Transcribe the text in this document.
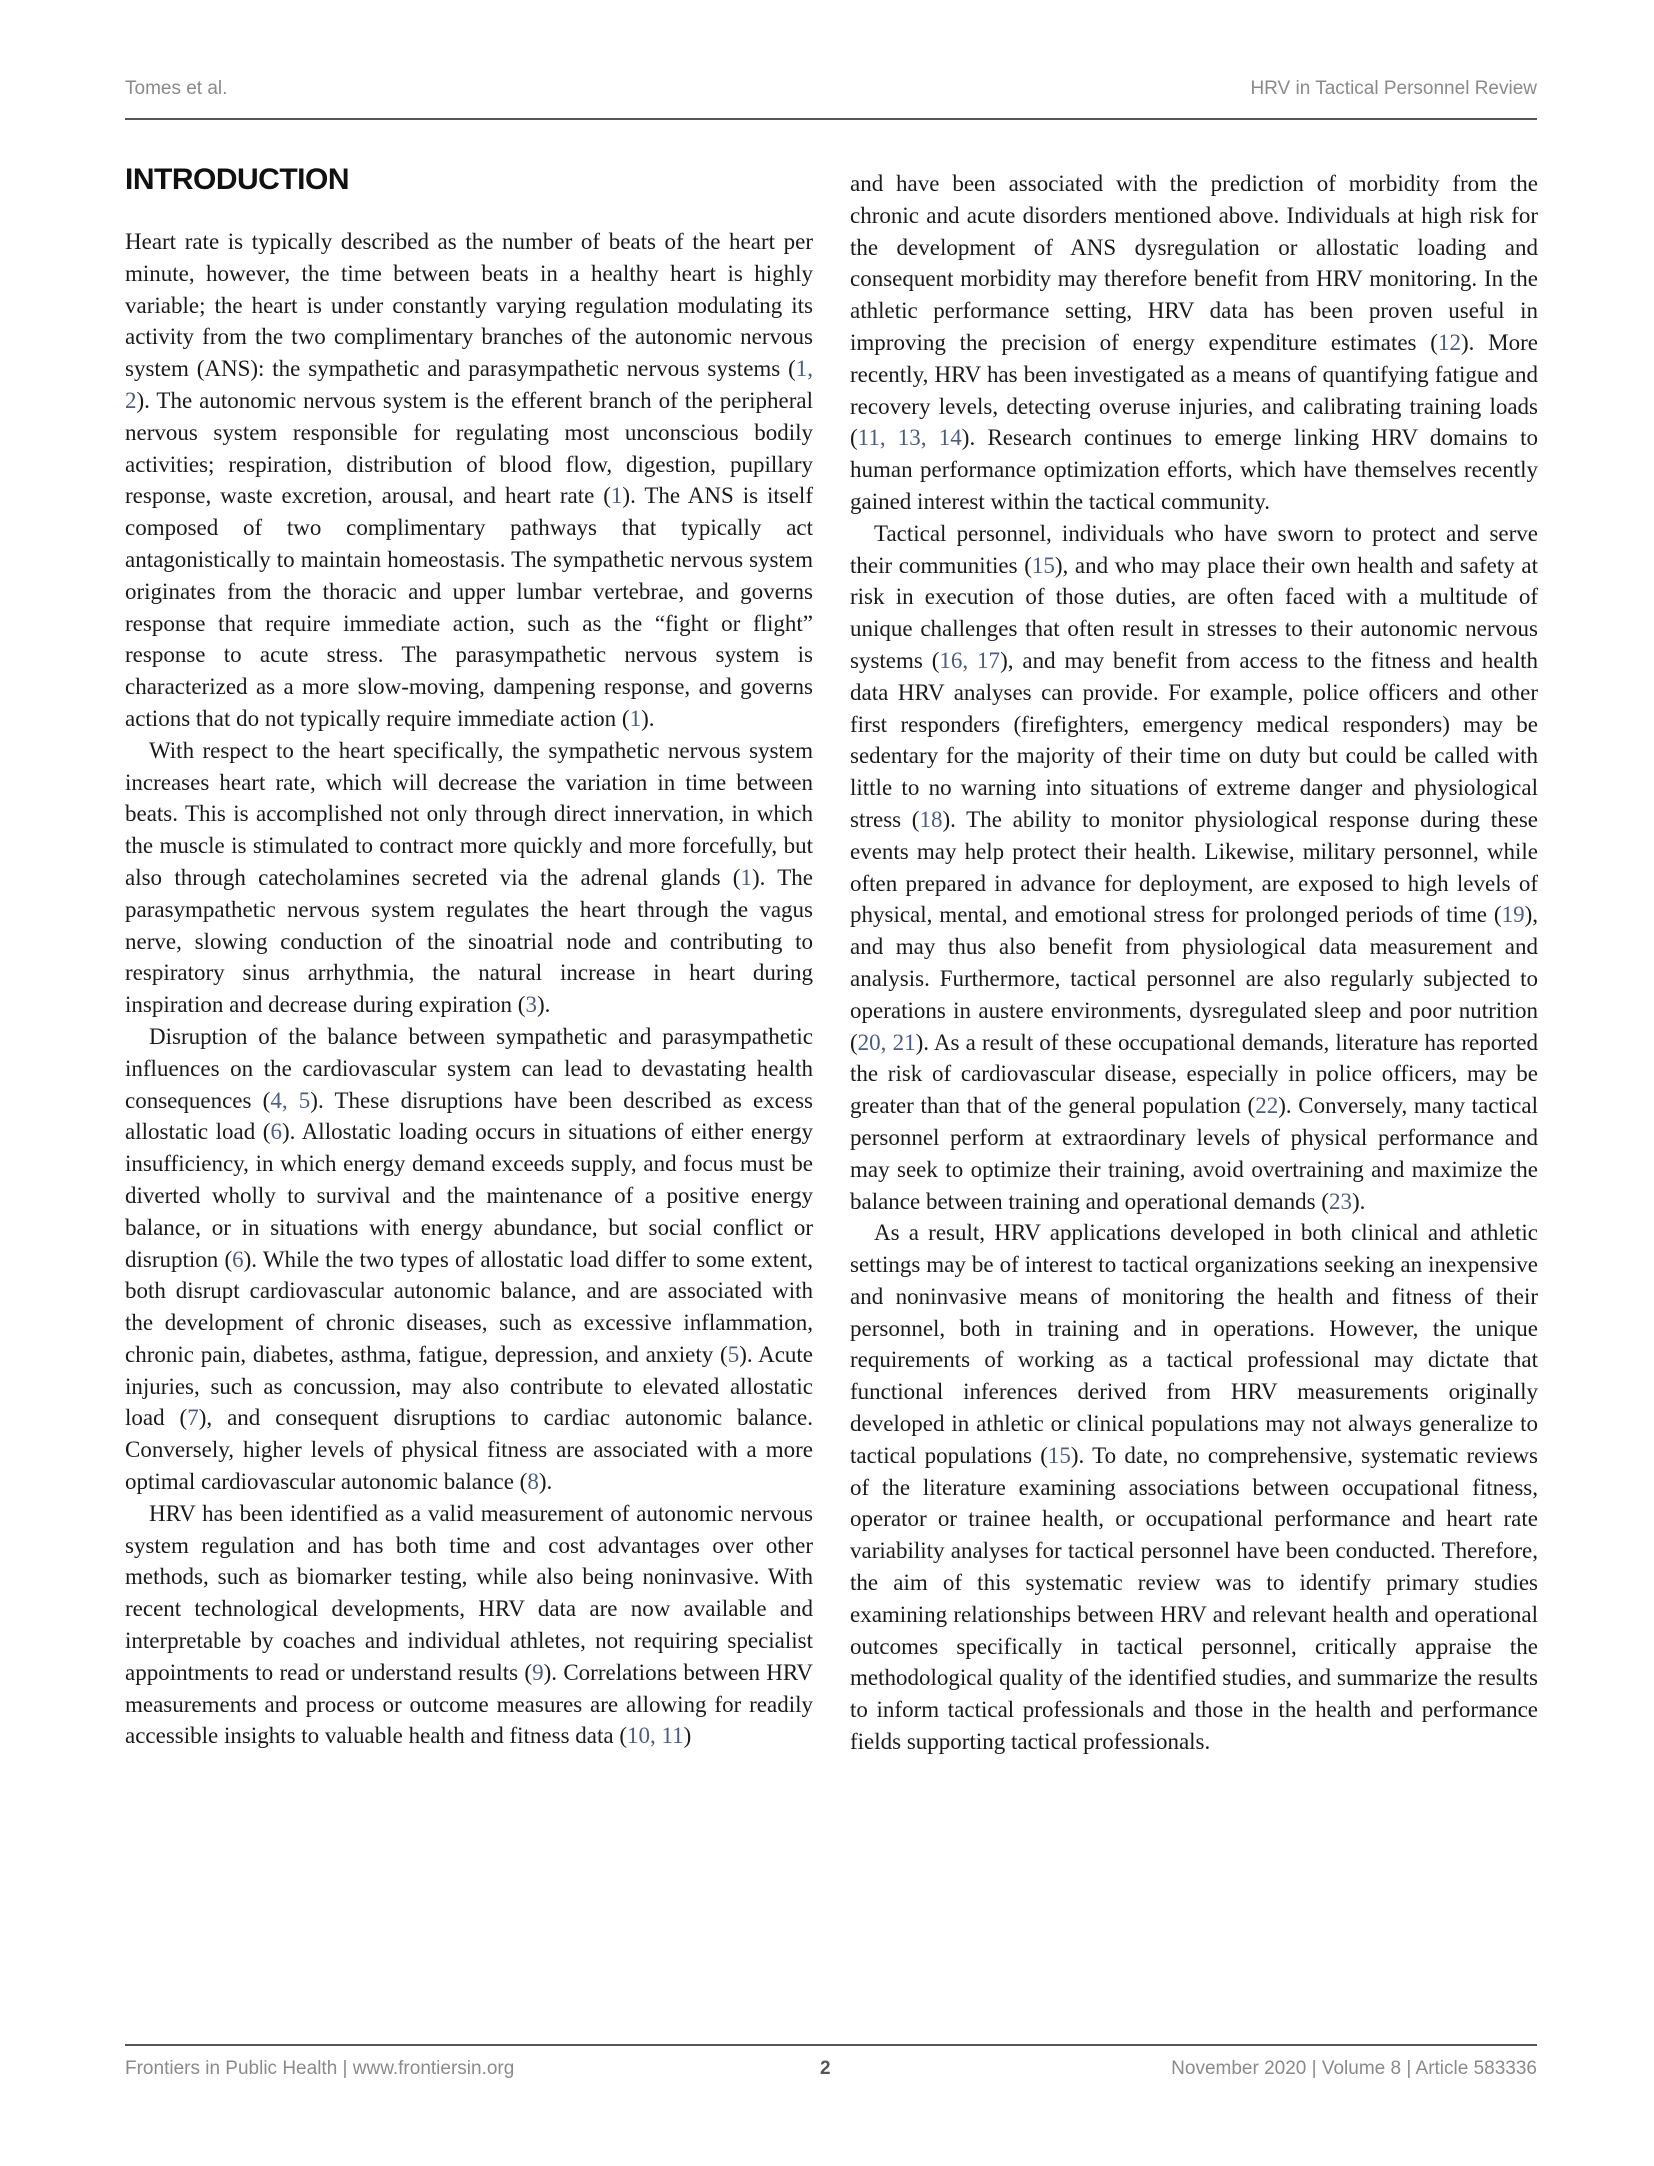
Tomes et al.	HRV in Tactical Personnel Review
INTRODUCTION

Heart rate is typically described as the number of beats of the heart per minute, however, the time between beats in a healthy heart is highly variable; the heart is under constantly varying regulation modulating its activity from the two complimentary branches of the autonomic nervous system (ANS): the sympathetic and parasympathetic nervous systems (1, 2). The autonomic nervous system is the efferent branch of the peripheral nervous system responsible for regulating most unconscious bodily activities; respiration, distribution of blood flow, digestion, pupillary response, waste excretion, arousal, and heart rate (1). The ANS is itself composed of two complimentary pathways that typically act antagonistically to maintain homeostasis. The sympathetic nervous system originates from the thoracic and upper lumbar vertebrae, and governs response that require immediate action, such as the “fight or flight” response to acute stress. The parasympathetic nervous system is characterized as a more slow-moving, dampening response, and governs actions that do not typically require immediate action (1).

With respect to the heart specifically, the sympathetic nervous system increases heart rate, which will decrease the variation in time between beats. This is accomplished not only through direct innervation, in which the muscle is stimulated to contract more quickly and more forcefully, but also through catecholamines secreted via the adrenal glands (1). The parasympathetic nervous system regulates the heart through the vagus nerve, slowing conduction of the sinoatrial node and contributing to respiratory sinus arrhythmia, the natural increase in heart during inspiration and decrease during expiration (3).

Disruption of the balance between sympathetic and parasympathetic influences on the cardiovascular system can lead to devastating health consequences (4, 5). These disruptions have been described as excess allostatic load (6). Allostatic loading occurs in situations of either energy insufficiency, in which energy demand exceeds supply, and focus must be diverted wholly to survival and the maintenance of a positive energy balance, or in situations with energy abundance, but social conflict or disruption (6). While the two types of allostatic load differ to some extent, both disrupt cardiovascular autonomic balance, and are associated with the development of chronic diseases, such as excessive inflammation, chronic pain, diabetes, asthma, fatigue, depression, and anxiety (5). Acute injuries, such as concussion, may also contribute to elevated allostatic load (7), and consequent disruptions to cardiac autonomic balance. Conversely, higher levels of physical fitness are associated with a more optimal cardiovascular autonomic balance (8).

HRV has been identified as a valid measurement of autonomic nervous system regulation and has both time and cost advantages over other methods, such as biomarker testing, while also being noninvasive. With recent technological developments, HRV data are now available and interpretable by coaches and individual athletes, not requiring specialist appointments to read or understand results (9). Correlations between HRV measurements and process or outcome measures are allowing for readily accessible insights to valuable health and fitness data (10, 11)

and have been associated with the prediction of morbidity from the chronic and acute disorders mentioned above. Individuals at high risk for the development of ANS dysregulation or allostatic loading and consequent morbidity may therefore benefit from HRV monitoring. In the athletic performance setting, HRV data has been proven useful in improving the precision of energy expenditure estimates (12). More recently, HRV has been investigated as a means of quantifying fatigue and recovery levels, detecting overuse injuries, and calibrating training loads (11, 13, 14). Research continues to emerge linking HRV domains to human performance optimization efforts, which have themselves recently gained interest within the tactical community.

Tactical personnel, individuals who have sworn to protect and serve their communities (15), and who may place their own health and safety at risk in execution of those duties, are often faced with a multitude of unique challenges that often result in stresses to their autonomic nervous systems (16, 17), and may benefit from access to the fitness and health data HRV analyses can provide. For example, police officers and other first responders (firefighters, emergency medical responders) may be sedentary for the majority of their time on duty but could be called with little to no warning into situations of extreme danger and physiological stress (18). The ability to monitor physiological response during these events may help protect their health. Likewise, military personnel, while often prepared in advance for deployment, are exposed to high levels of physical, mental, and emotional stress for prolonged periods of time (19), and may thus also benefit from physiological data measurement and analysis. Furthermore, tactical personnel are also regularly subjected to operations in austere environments, dysregulated sleep and poor nutrition (20, 21). As a result of these occupational demands, literature has reported the risk of cardiovascular disease, especially in police officers, may be greater than that of the general population (22). Conversely, many tactical personnel perform at extraordinary levels of physical performance and may seek to optimize their training, avoid overtraining and maximize the balance between training and operational demands (23).

As a result, HRV applications developed in both clinical and athletic settings may be of interest to tactical organizations seeking an inexpensive and noninvasive means of monitoring the health and fitness of their personnel, both in training and in operations. However, the unique requirements of working as a tactical professional may dictate that functional inferences derived from HRV measurements originally developed in athletic or clinical populations may not always generalize to tactical populations (15). To date, no comprehensive, systematic reviews of the literature examining associations between occupational fitness, operator or trainee health, or occupational performance and heart rate variability analyses for tactical personnel have been conducted. Therefore, the aim of this systematic review was to identify primary studies examining relationships between HRV and relevant health and operational outcomes specifically in tactical personnel, critically appraise the methodological quality of the identified studies, and summarize the results to inform tactical professionals and those in the health and performance fields supporting tactical professionals.

Frontiers in Public Health | www.frontiersin.org	2	November 2020 | Volume 8 | Article 583336
